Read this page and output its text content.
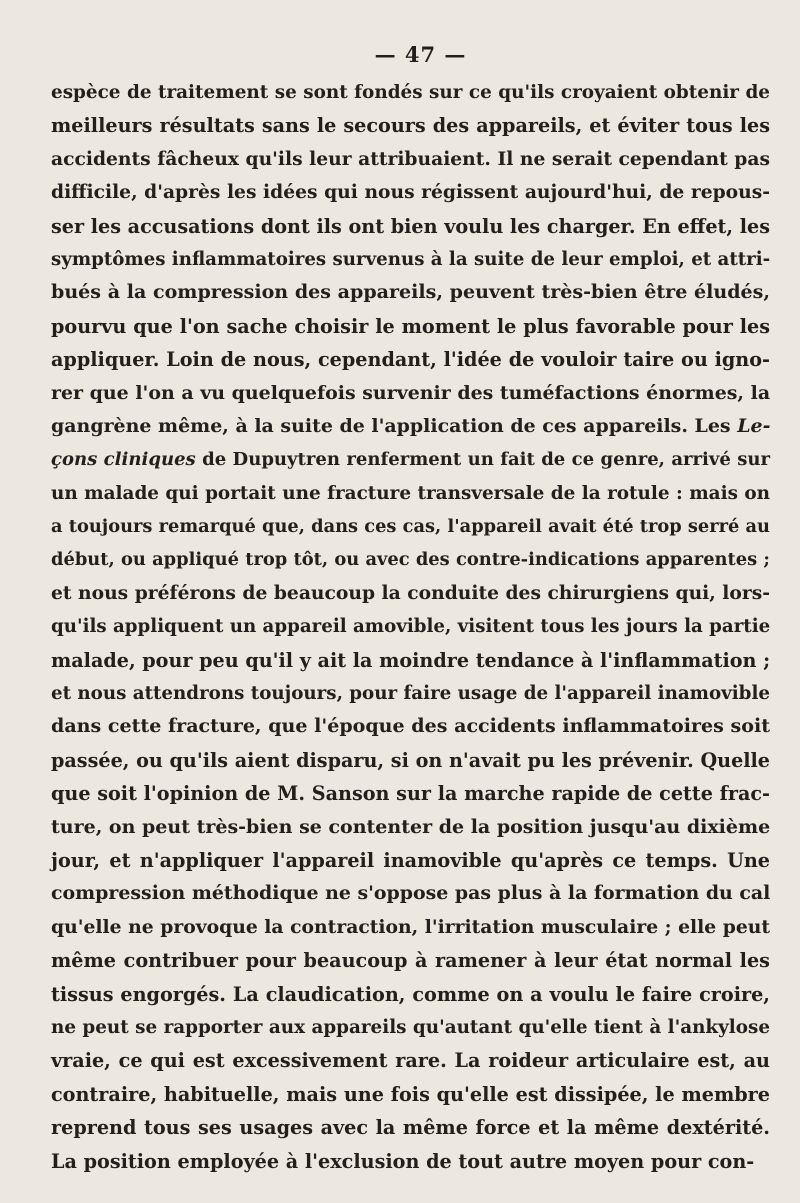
— 47 —
espèce de traitement se sont fondés sur ce qu'ils croyaient obtenir de
meilleurs résultats sans le secours des appareils, et éviter tous les
accidents fâcheux qu'ils leur attribuaient. Il ne serait cependant pas
difficile, d'après les idées qui nous régissent aujourd'hui, de repous-
ser les accusations dont ils ont bien voulu les charger. En effet, les
symptômes inflammatoires survenus à la suite de leur emploi, et attri-
bués à la compression des appareils, peuvent très-bien être éludés,
pourvu que l'on sache choisir le moment le plus favorable pour les
appliquer. Loin de nous, cependant, l'idée de vouloir taire ou igno-
rer que l'on a vu quelquefois survenir des tuméfactions énormes, la
gangrène même, à la suite de l'application de ces appareils. Les Le-
çons cliniques de Dupuytren renferment un fait de ce genre, arrivé sur
un malade qui portait une fracture transversale de la rotule : mais on
a toujours remarqué que, dans ces cas, l'appareil avait été trop serré au
début, ou appliqué trop tôt, ou avec des contre-indications apparentes ;
et nous préférons de beaucoup la conduite des chirurgiens qui, lors-
qu'ils appliquent un appareil amovible, visitent tous les jours la partie
malade, pour peu qu'il y ait la moindre tendance à l'inflammation ;
et nous attendrons toujours, pour faire usage de l'appareil inamovible
dans cette fracture, que l'époque des accidents inflammatoires soit
passée, ou qu'ils aient disparu, si on n'avait pu les prévenir. Quelle
que soit l'opinion de M. Sanson sur la marche rapide de cette frac-
ture, on peut très-bien se contenter de la position jusqu'au dixième
jour, et n'appliquer l'appareil inamovible qu'après ce temps. Une
compression méthodique ne s'oppose pas plus à la formation du cal
qu'elle ne provoque la contraction, l'irritation musculaire ; elle peut
même contribuer pour beaucoup à ramener à leur état normal les
tissus engorgés. La claudication, comme on a voulu le faire croire,
ne peut se rapporter aux appareils qu'autant qu'elle tient à l'ankylose
vraie, ce qui est excessivement rare. La roideur articulaire est, au
contraire, habituelle, mais une fois qu'elle est dissipée, le membre
reprend tous ses usages avec la même force et la même dextérité.
La position employée à l'exclusion de tout autre moyen pour con-
